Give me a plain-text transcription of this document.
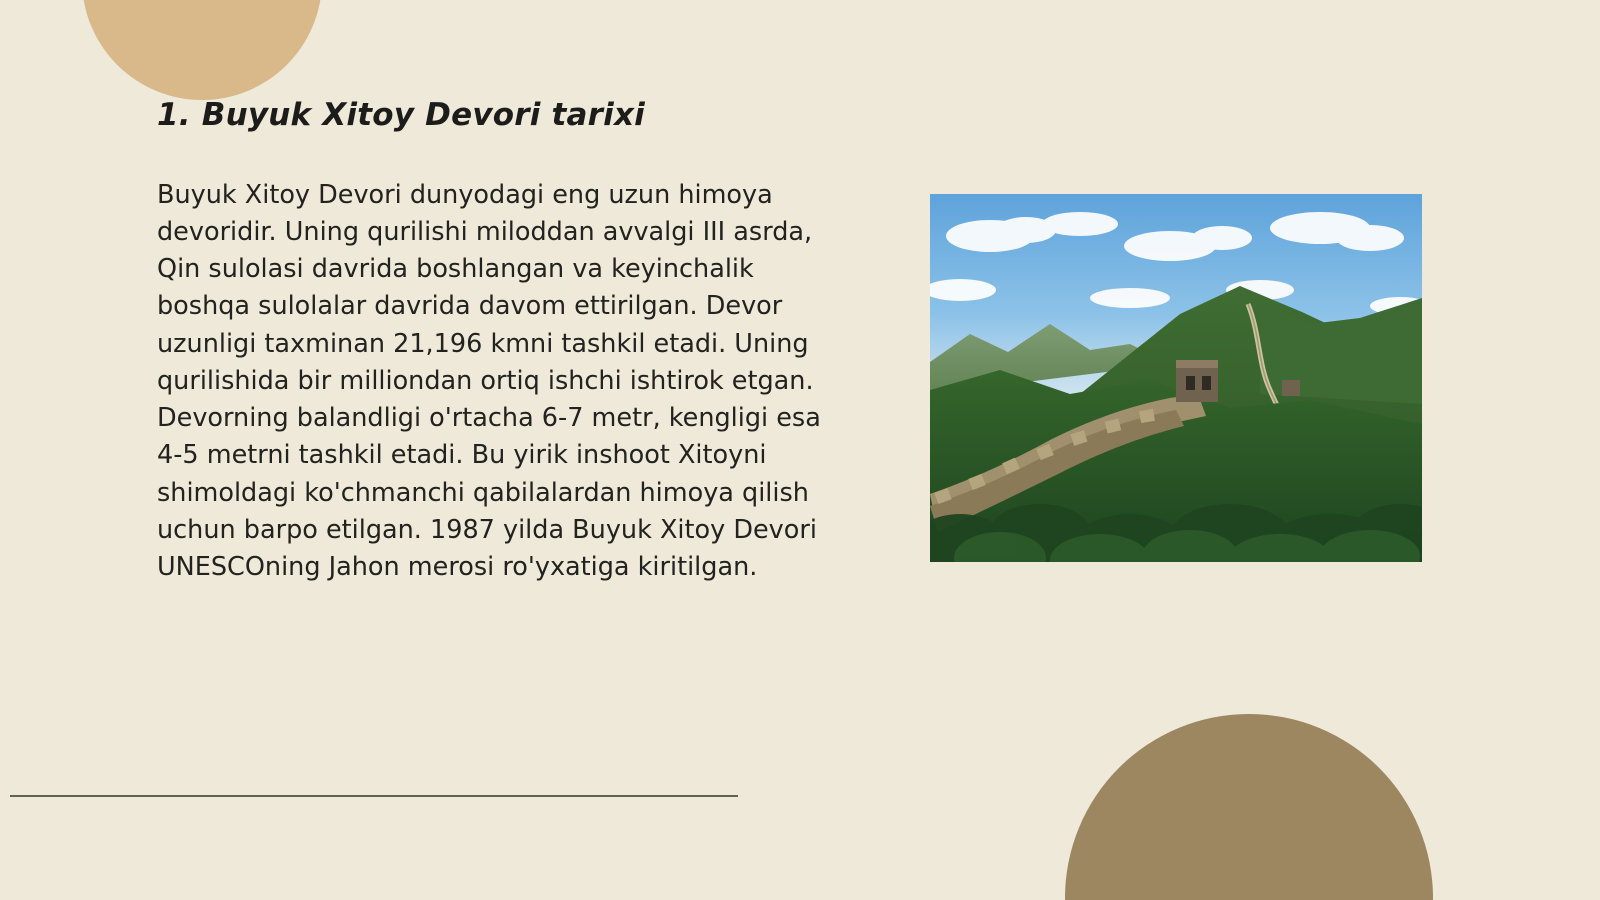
1. Buyuk Xitoy Devori tarixi

Buyuk Xitoy Devori dunyodagi eng uzun himoya devoridir. Uning qurilishi miloddan avvalgi III asrda, Qin sulolasi davrida boshlangan va keyinchalik boshqa sulolalar davrida davom ettirilgan. Devor uzunligi taxminan 21,196 kmni tashkil etadi. Uning qurilishida bir milliondan ortiq ishchi ishtirok etgan. Devorning balandligi o'rtacha 6-7 metr, kengligi esa 4-5 metrni tashkil etadi. Bu yirik inshoot Xitoyni shimoldagi ko'chmanchi qabilalardan himoya qilish uchun barpo etilgan. 1987 yilda Buyuk Xitoy Devori UNESCOning Jahon merosi ro'yxatiga kiritilgan.
